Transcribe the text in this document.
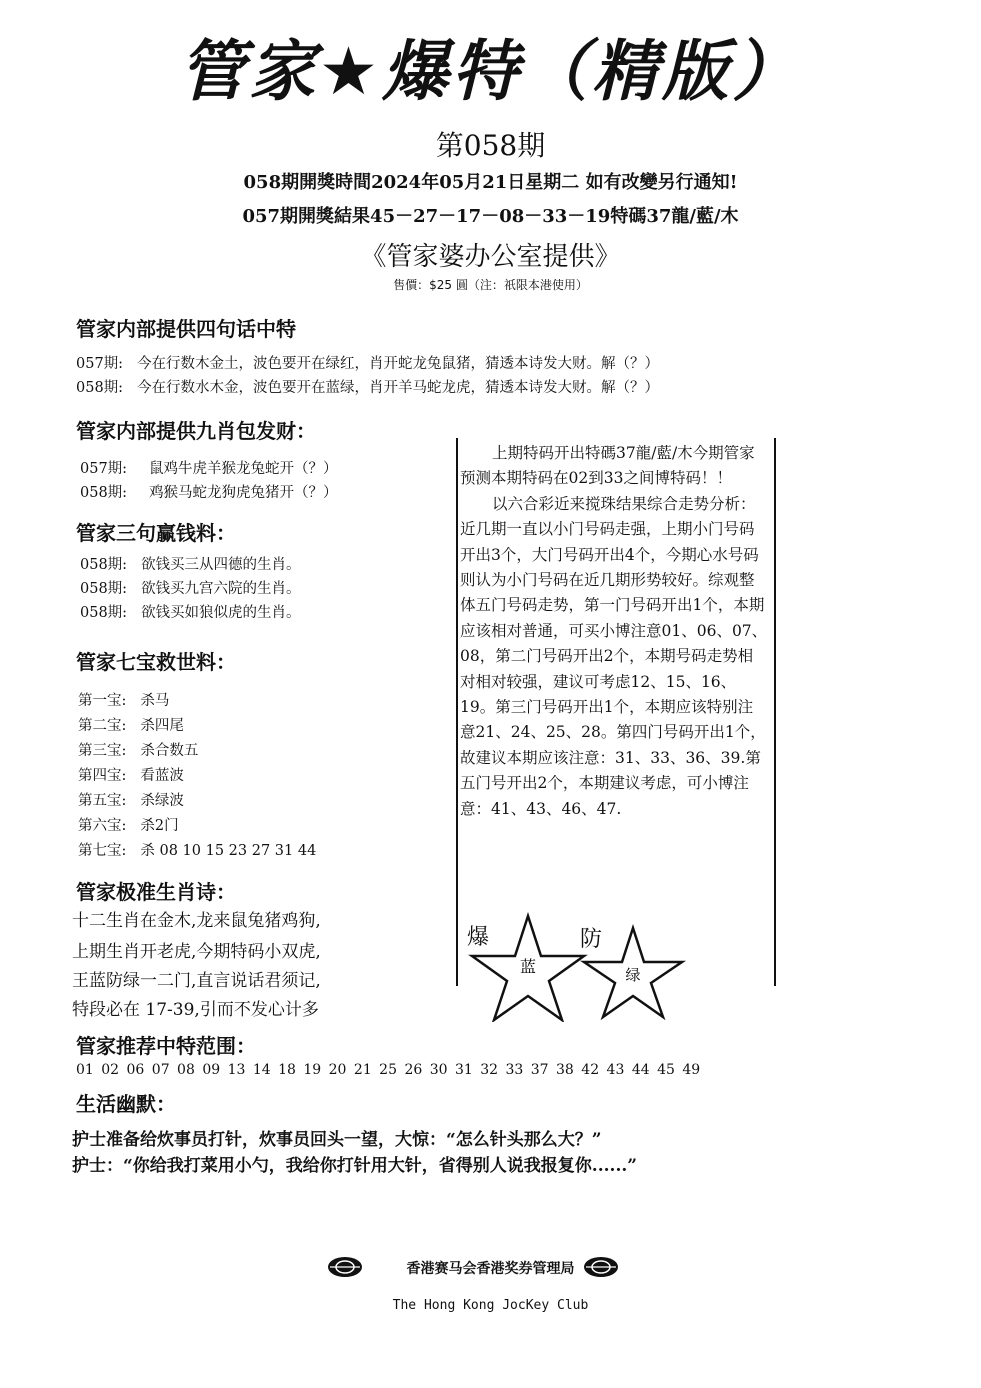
管家★爆特（精版）
第058期
058期開獎時間2024年05月21日星期二 如有改變另行通知!
057期開獎結果45－27－17－08－33－19特碼37龍/藍/木
《管家婆办公室提供》
售價：$25 圓（注：祇限本港使用）
管家内部提供四句话中特
057期: 今在行数木金土，波色要开在绿红，肖开蛇龙兔鼠猪，猜透本诗发大财。解（？）
058期: 今在行数水木金，波色要开在蓝绿，肖开羊马蛇龙虎，猜透本诗发大财。解（？）
管家内部提供九肖包发财：
057期: 鼠鸡牛虎羊猴龙兔蛇开（？）
058期: 鸡猴马蛇龙狗虎兔猪开（？）
管家三句赢钱料：
058期: 欲钱买三从四德的生肖。
058期: 欲钱买九宫六院的生肖。
058期: 欲钱买如狼似虎的生肖。
管家七宝救世料：
第一宝: 杀马
第二宝: 杀四尾
第三宝: 杀合数五
第四宝: 看蓝波
第五宝: 杀绿波
第六宝: 杀2门
第七宝: 杀 08 10 15 23 27 31 44
管家极准生肖诗：
十二生肖在金木,龙来鼠兔猪鸡狗,
上期生肖开老虎,今期特码小双虎,
王蓝防绿一二门,直言说话君须记,
特段必在 17-39,引而不发心计多
上期特码开出特碼37龍/藍/木今期管家预测本期特码在02到33之间博特码！！
以六合彩近来搅珠结果综合走势分析：近几期一直以小门号码走强，上期小门号码开出3个，大门号码开出4个，今期心水号码则认为小门号码在近几期形势较好。综观整体五门号码走势，第一门号码开出1个，本期应该相对普通，可买小博注意01、06、07、08，第二门号码开出2个，本期号码走势相对相对较强，建议可考虑12、15、16、19。第三门号码开出1个，本期应该特别注意21、24、25、28。第四门号码开出1个，故建议本期应该注意：31、33、36、39.第五门号开出2个，本期建议考虑，可小博注意：41、43、46、47.
爆
蓝
防
绿
管家推荐中特范围：
01 02 06 07 08 09 13 14 18 19 20 21 25 26 30 31 32 33 37 38 42 43 44 45 49
生活幽默：
护士准备给炊事员打针，炊事员回头一望，大惊：“怎么针头那么大？”
护士：“你给我打菜用小勺，我给你打针用大针，省得别人说我报复你......”
香港赛马会香港奖券管理局
The Hong Kong JocKey Club
